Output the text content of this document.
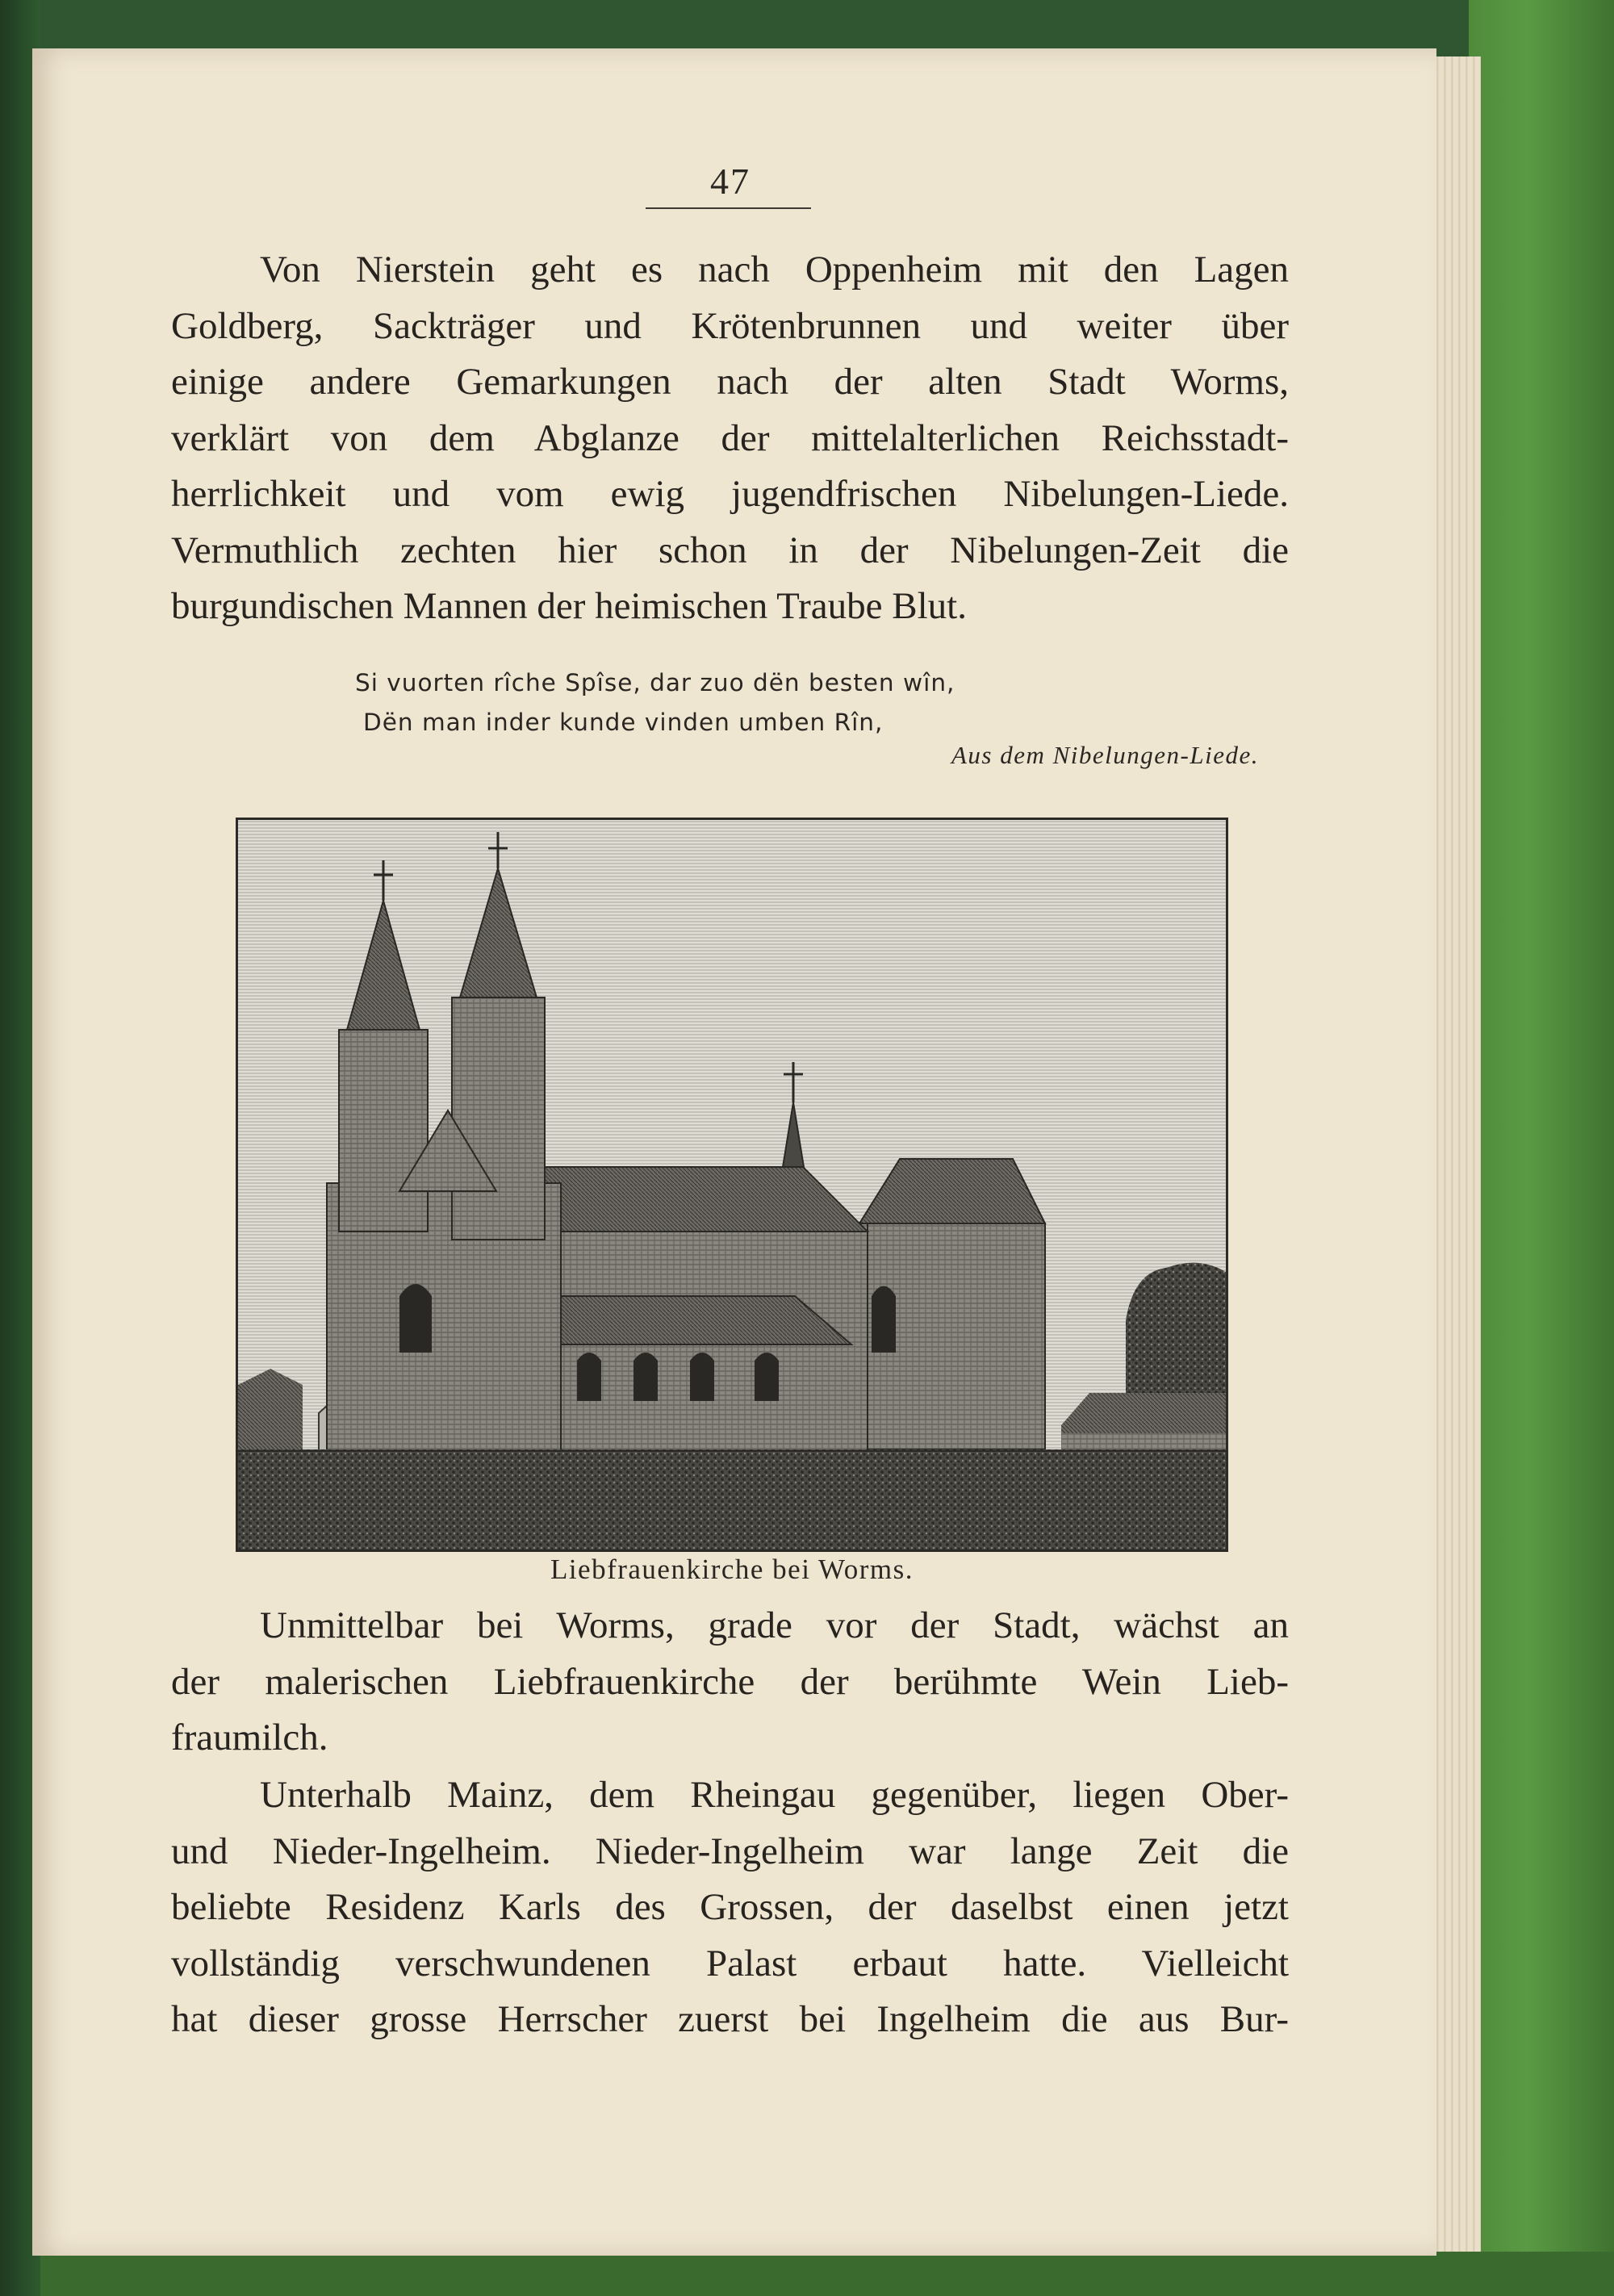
47
Von Nierstein geht es nach Oppenheim mit den Lagen
Goldberg, Sackträger und Krötenbrunnen und weiter über
einige andere Gemarkungen nach der alten Stadt Worms,
verklärt von dem Abglanze der mittelalterlichen Reichsstadt-
herrlichkeit und vom ewig jugendfrischen Nibelungen-Liede.
Vermuthlich zechten hier schon in der Nibelungen-Zeit die
burgundischen Mannen der heimischen Traube Blut.
Si vuorten rîche Spîse, dar zuo dën besten wîn,
Dën man inder kunde vinden umben Rîn,
Aus dem Nibelungen-Liede.
Liebfrauenkirche bei Worms.
Unmittelbar bei Worms, grade vor der Stadt, wächst an
der malerischen Liebfrauenkirche der berühmte Wein Lieb-
fraumilch.
Unterhalb Mainz, dem Rheingau gegenüber, liegen Ober-
und Nieder-Ingelheim. Nieder-Ingelheim war lange Zeit die
beliebte Residenz Karls des Grossen, der daselbst einen jetzt
vollständig verschwundenen Palast erbaut hatte. Vielleicht
hat dieser grosse Herrscher zuerst bei Ingelheim die aus Bur-
